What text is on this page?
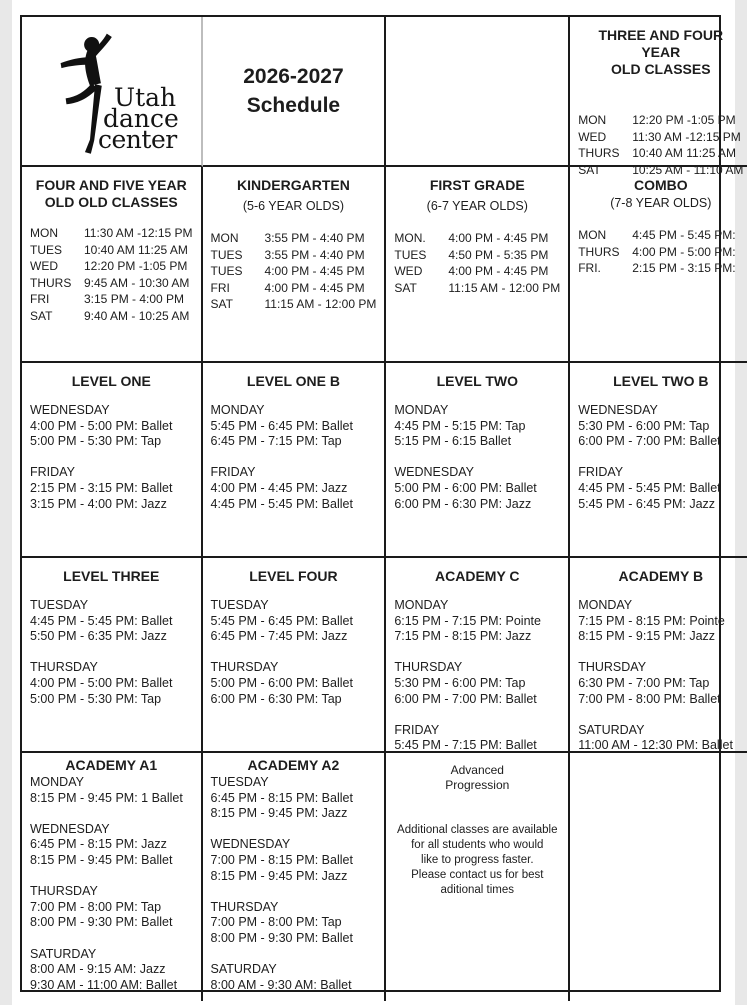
Utah
dance
center
2026-2027
Schedule
THREE AND FOUR YEAR
OLD CLASSES
MON	12:20 PM -1:05 PM
WED	11:30 AM -12:15 PM
THURS	10:40 AM 11:25 AM
SAT	10:25 AM - 11:10 AM
FOUR AND FIVE YEAR
OLD OLD CLASSES
MON	11:30 AM -12:15 PM
TUES	10:40 AM 11:25 AM
WED	12:20 PM -1:05 PM
THURS	9:45 AM - 10:30 AM
FRI	3:15 PM - 4:00 PM
SAT	9:40 AM - 10:25 AM
KINDERGARTEN
(5-6 YEAR OLDS)
MON	3:55 PM - 4:40 PM
TUES	3:55 PM - 4:40 PM
TUES	4:00 PM - 4:45 PM
FRI	4:00 PM - 4:45 PM
SAT	11:15 AM - 12:00 PM
FIRST GRADE
(6-7 YEAR OLDS)
MON.	4:00 PM - 4:45 PM
TUES	4:50 PM - 5:35 PM
WED	4:00 PM - 4:45 PM
SAT	11:15 AM - 12:00 PM
COMBO
(7-8 YEAR OLDS)
MON	4:45 PM - 5:45 PM:
THURS	4:00 PM - 5:00 PM:
FRI.	2:15 PM - 3:15 PM:
LEVEL ONE
WEDNESDAY
4:00 PM - 5:00 PM: Ballet
5:00 PM - 5:30 PM: Tap
FRIDAY
2:15 PM - 3:15 PM: Ballet
3:15 PM - 4:00 PM: Jazz
LEVEL ONE B
MONDAY
5:45 PM - 6:45 PM: Ballet
6:45 PM - 7:15 PM: Tap
FRIDAY
4:00 PM - 4:45 PM: Jazz
4:45 PM - 5:45 PM: Ballet
LEVEL TWO
MONDAY
4:45 PM - 5:15 PM: Tap
5:15 PM - 6:15 Ballet
WEDNESDAY
5:00 PM - 6:00 PM: Ballet
6:00 PM - 6:30 PM: Jazz
LEVEL TWO B
WEDNESDAY
5:30 PM - 6:00 PM: Tap
6:00 PM - 7:00 PM: Ballet
FRIDAY
4:45 PM - 5:45 PM: Ballet
5:45 PM - 6:45 PM: Jazz
LEVEL THREE
TUESDAY
4:45 PM - 5:45 PM: Ballet
5:50 PM - 6:35 PM: Jazz
THURSDAY
4:00 PM - 5:00 PM: Ballet
5:00 PM - 5:30 PM: Tap
LEVEL FOUR
TUESDAY
5:45 PM - 6:45 PM: Ballet
6:45 PM - 7:45 PM: Jazz
THURSDAY
5:00 PM - 6:00 PM: Ballet
6:00 PM - 6:30 PM: Tap
ACADEMY C
MONDAY
6:15 PM - 7:15 PM: Pointe
7:15 PM - 8:15 PM: Jazz
THURSDAY
5:30 PM - 6:00 PM: Tap
6:00 PM - 7:00 PM: Ballet
FRIDAY
5:45 PM - 7:15 PM: Ballet
ACADEMY B
MONDAY
7:15 PM - 8:15 PM: Pointe
8:15 PM - 9:15 PM: Jazz
THURSDAY
6:30 PM - 7:00 PM: Tap
7:00 PM - 8:00 PM: Ballet
SATURDAY
11:00 AM - 12:30 PM: Ballet
ACADEMY A1
MONDAY
8:15 PM - 9:45 PM: 1 Ballet
WEDNESDAY
6:45 PM - 8:15 PM: Jazz
8:15 PM - 9:45 PM: Ballet
THURSDAY
7:00 PM - 8:00 PM: Tap
8:00 PM - 9:30 PM: Ballet
SATURDAY
8:00 AM - 9:15 AM: Jazz
9:30 AM - 11:00 AM: Ballet
ACADEMY A2
TUESDAY
6:45 PM - 8:15 PM: Ballet
8:15 PM - 9:45 PM: Jazz
WEDNESDAY
7:00 PM - 8:15 PM: Ballet
8:15 PM - 9:45 PM: Jazz
THURSDAY
7:00 PM - 8:00 PM: Tap
8:00 PM - 9:30 PM: Ballet
SATURDAY
8:00 AM - 9:30 AM: Ballet
Advanced
Progression
Additional classes are available
for all students who would
like to progress faster.
Please contact us for best
aditional times
